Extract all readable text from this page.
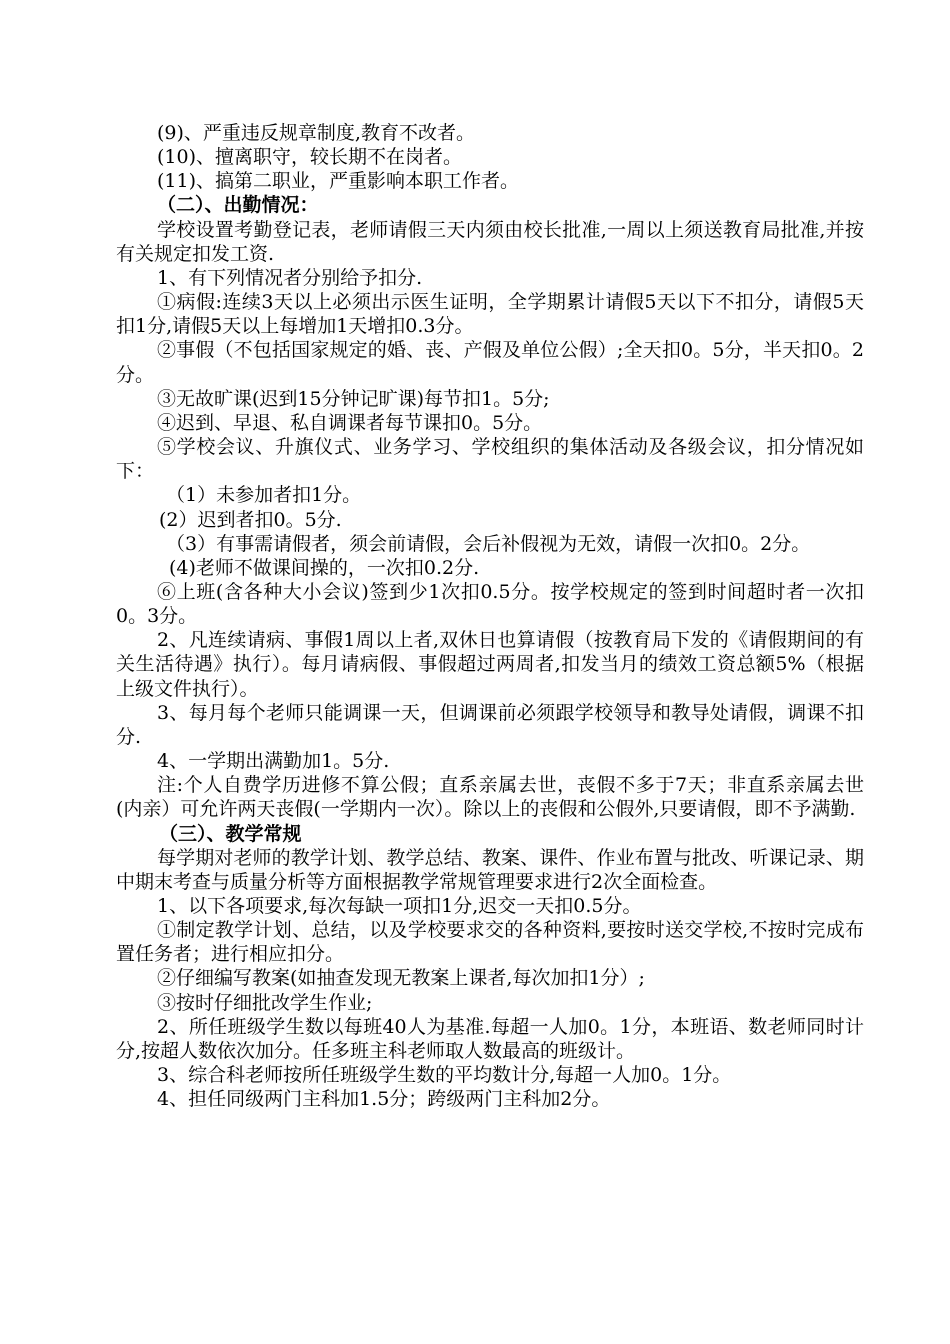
(9)、严重违反规章制度,教育不改者。

(10)、擅离职守，较长期不在岗者。

(11)、搞第二职业，严重影响本职工作者。

（二）、出勤情况：

学校设置考勤登记表，老师请假三天内须由校长批准,一周以上须送教育局批准,并按有关规定扣发工资.

1、有下列情况者分别给予扣分.

①病假:连续3天以上必须出示医生证明，全学期累计请假5天以下不扣分，请假5天扣1分,请假5天以上每增加1天增扣0.3分。

②事假（不包括国家规定的婚、丧、产假及单位公假）;全天扣0。5分，半天扣0。2分。

③无故旷课(迟到15分钟记旷课)每节扣1。5分;

④迟到、早退、私自调课者每节课扣0。5分。

⑤学校会议、升旗仪式、业务学习、学校组织的集体活动及各级会议，扣分情况如下：

（1）未参加者扣1分。

(2）迟到者扣0。5分.

（3）有事需请假者，须会前请假，会后补假视为无效，请假一次扣0。2分。

(4)老师不做课间操的，一次扣0.2分.

⑥上班(含各种大小会议)签到少1次扣0.5分。按学校规定的签到时间超时者一次扣0。3分。

2、凡连续请病、事假1周以上者,双休日也算请假（按教育局下发的《请假期间的有关生活待遇》执行）。每月请病假、事假超过两周者,扣发当月的绩效工资总额5%（根据上级文件执行）。

3、每月每个老师只能调课一天，但调课前必须跟学校领导和教导处请假，调课不扣分.

4、一学期出满勤加1。5分.

注:个人自费学历进修不算公假；直系亲属去世，丧假不多于7天；非直系亲属去世(内亲）可允许两天丧假(一学期内一次）。除以上的丧假和公假外,只要请假，即不予满勤.

（三）、教学常规

每学期对老师的教学计划、教学总结、教案、课件、作业布置与批改、听课记录、期中期末考查与质量分析等方面根据教学常规管理要求进行2次全面检查。

1、以下各项要求,每次每缺一项扣1分,迟交一天扣0.5分。

①制定教学计划、总结，以及学校要求交的各种资料,要按时送交学校,不按时完成布置任务者；进行相应扣分。

②仔细编写教案(如抽查发现无教案上课者,每次加扣1分）;

③按时仔细批改学生作业;

2、所任班级学生数以每班40人为基准.每超一人加0。1分，本班语、数老师同时计分,按超人数依次加分。任多班主科老师取人数最高的班级计。

3、综合科老师按所任班级学生数的平均数计分,每超一人加0。1分。

4、担任同级两门主科加1.5分；跨级两门主科加2分。
